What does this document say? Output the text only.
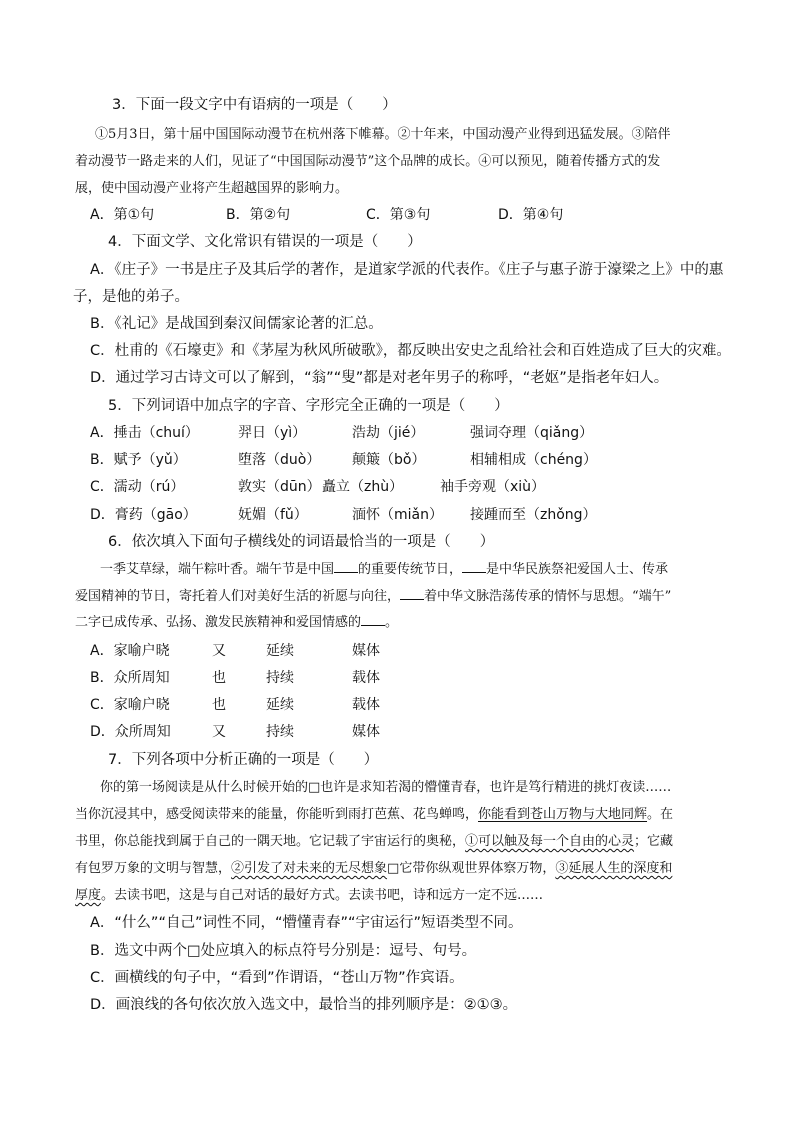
3．下面一段文字中有语病的一项是（　　）
①5月3日，第十届中国国际动漫节在杭州落下帷幕。②十年来，中国动漫产业得到迅猛发展。③陪伴
着动漫节一路走来的人们，见证了“中国国际动漫节”这个品牌的成长。④可以预见，随着传播方式的发
展，使中国动漫产业将产生超越国界的影响力。
A．第①句	B．第②句	C．第③句	D．第④句
4．下面文学、文化常识有错误的一项是（　　）
A．《庄子》一书是庄子及其后学的著作，是道家学派的代表作。《庄子与惠子游于濠梁之上》中的惠
子，是他的弟子。
B．《礼记》是战国到秦汉间儒家论著的汇总。
C．杜甫的《石壕吏》和《茅屋为秋风所破歌》，都反映出安史之乱给社会和百姓造成了巨大的灾难。
D．通过学习古诗文可以了解到，“翁”“叟”都是对老年男子的称呼，“老妪”是指老年妇人。
5．下列词语中加点字的字音、字形完全正确的一项是（　　）
A．捶击（chuí）	羿日（yì）	浩劫（jié）	强词夺理（qiǎng）
B．赋予（yǔ）	堕落（duò） 颠簸（bǒ）	相辅相成（chéng）
C．濡动（rú）	敦实（dūn） 矗立（zhù）	袖手旁观（xiù）
D．膏药（gāo）	妩媚（fǔ）	湎怀（miǎn） 接踵而至（zhǒng）
6．依次填入下面句子横线处的词语最恰当的一项是（　　）
一季艾草绿，端午粽叶香。端午节是中国 的重要传统节日， 是中华民族祭祀爱国人士、传承
爱国精神的节日，寄托着人们对美好生活的祈愿与向往， 着中华文脉浩荡传承的情怀与思想。“端午”
二字已成传承、弘扬、激发民族精神和爱国情感的 。
A．家喻户晓	又	延续	媒体
B．众所周知	也	持续	载体
C．家喻户晓	也	延续	载体
D．众所周知	又	持续	媒体
7．下列各项中分析正确的一项是（　　）
你的第一场阅读是从什么时候开始的□也许是求知若渴的懵懂青春，也许是笃行精进的挑灯夜读……
当你沉浸其中，感受阅读带来的能量，你能听到雨打芭蕉、花鸟蝉鸣，你能看到苍山万物与大地同辉。在
书里，你总能找到属于自己的一隅天地。它记载了宇宙运行的奥秘，①可以触及每一个自由的心灵；它藏
有包罗万象的文明与智慧，②引发了对未来的无尽想象□它带你纵观世界体察万物，③延展人生的深度和
厚度。去读书吧，这是与自己对话的最好方式。去读书吧，诗和远方一定不远……
A．“什么”“自己”词性不同，“懵懂青春”“宇宙运行”短语类型不同。
B．选文中两个□处应填入的标点符号分别是：逗号、句号。
C．画横线的句子中，“看到”作谓语，“苍山万物”作宾语。
D．画浪线的各句依次放入选文中，最恰当的排列顺序是：②①③。
